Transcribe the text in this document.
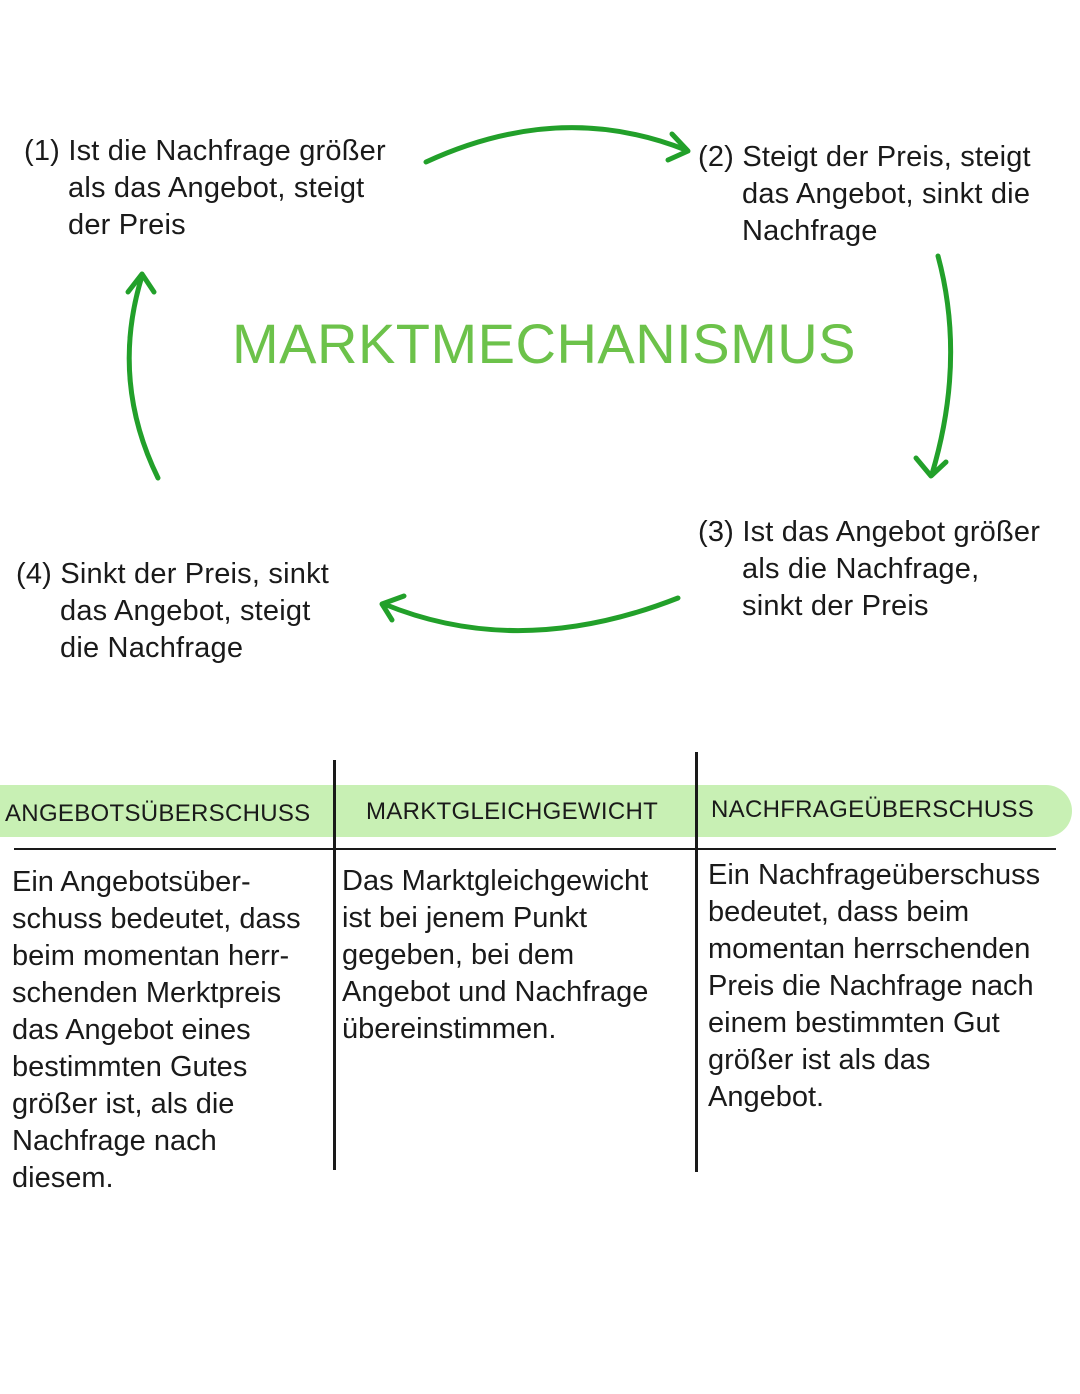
MARKTMECHANISMUS
(1) Ist die Nachfrage größer
als das Angebot, steigt
der Preis
(2) Steigt der Preis, steigt
das Angebot, sinkt die
Nachfrage
(3) Ist das Angebot größer
als die Nachfrage,
sinkt der Preis
(4) Sinkt der Preis, sinkt
das Angebot, steigt
die Nachfrage
ANGEBOTSÜBERSCHUSS MARKTGLEICHGEWICHT NACHFRAGEÜBERSCHUSS
Ein Angebotsüber-
schuss bedeutet, dass
beim momentan herr-
schenden Merktpreis
das Angebot eines
bestimmten Gutes
größer ist, als die
Nachfrage nach
diesem.
Das Marktgleichgewicht
ist bei jenem Punkt
gegeben, bei dem
Angebot und Nachfrage
übereinstimmen.
Ein Nachfrageüberschuss
bedeutet, dass beim
momentan herrschenden
Preis die Nachfrage nach
einem bestimmten Gut
größer ist als das
Angebot.
